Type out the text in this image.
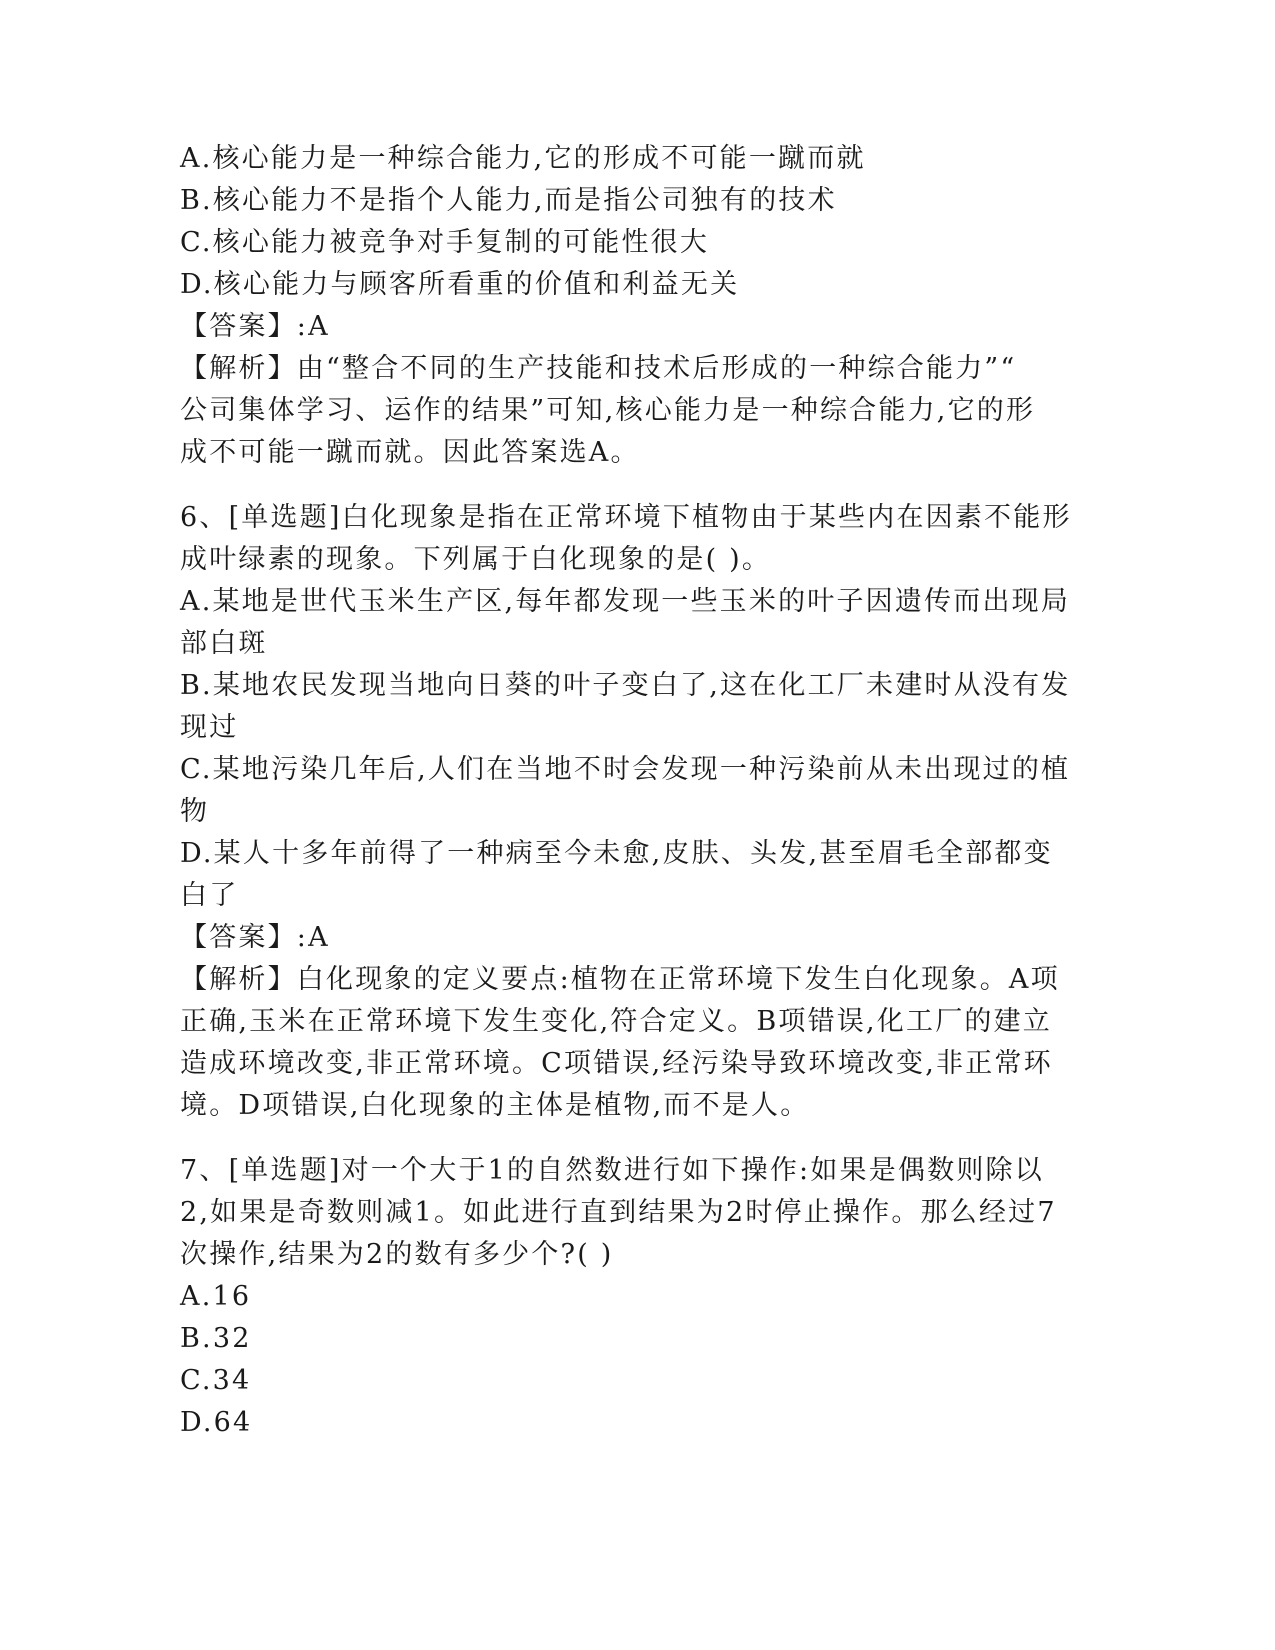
A.核心能力是一种综合能力,它的形成不可能一蹴而就
B.核心能力不是指个人能力,而是指公司独有的技术
C.核心能力被竞争对手复制的可能性很大
D.核心能力与顾客所看重的价值和利益无关
【答案】:A
【解析】由“整合不同的生产技能和技术后形成的一种综合能力”“
公司集体学习、运作的结果”可知,核心能力是一种综合能力,它的形
成不可能一蹴而就。因此答案选A。
6、[单选题]白化现象是指在正常环境下植物由于某些内在因素不能形
成叶绿素的现象。下列属于白化现象的是( )。
A.某地是世代玉米生产区,每年都发现一些玉米的叶子因遗传而出现局
部白斑
B.某地农民发现当地向日葵的叶子变白了,这在化工厂未建时从没有发
现过
C.某地污染几年后,人们在当地不时会发现一种污染前从未出现过的植
物
D.某人十多年前得了一种病至今未愈,皮肤、头发,甚至眉毛全部都变
白了
【答案】:A
【解析】白化现象的定义要点:植物在正常环境下发生白化现象。A项
正确,玉米在正常环境下发生变化,符合定义。B项错误,化工厂的建立
造成环境改变,非正常环境。C项错误,经污染导致环境改变,非正常环
境。D项错误,白化现象的主体是植物,而不是人。
7、[单选题]对一个大于1的自然数进行如下操作:如果是偶数则除以
2,如果是奇数则减1。如此进行直到结果为2时停止操作。那么经过7
次操作,结果为2的数有多少个?( )
A.16
B.32
C.34
D.64
